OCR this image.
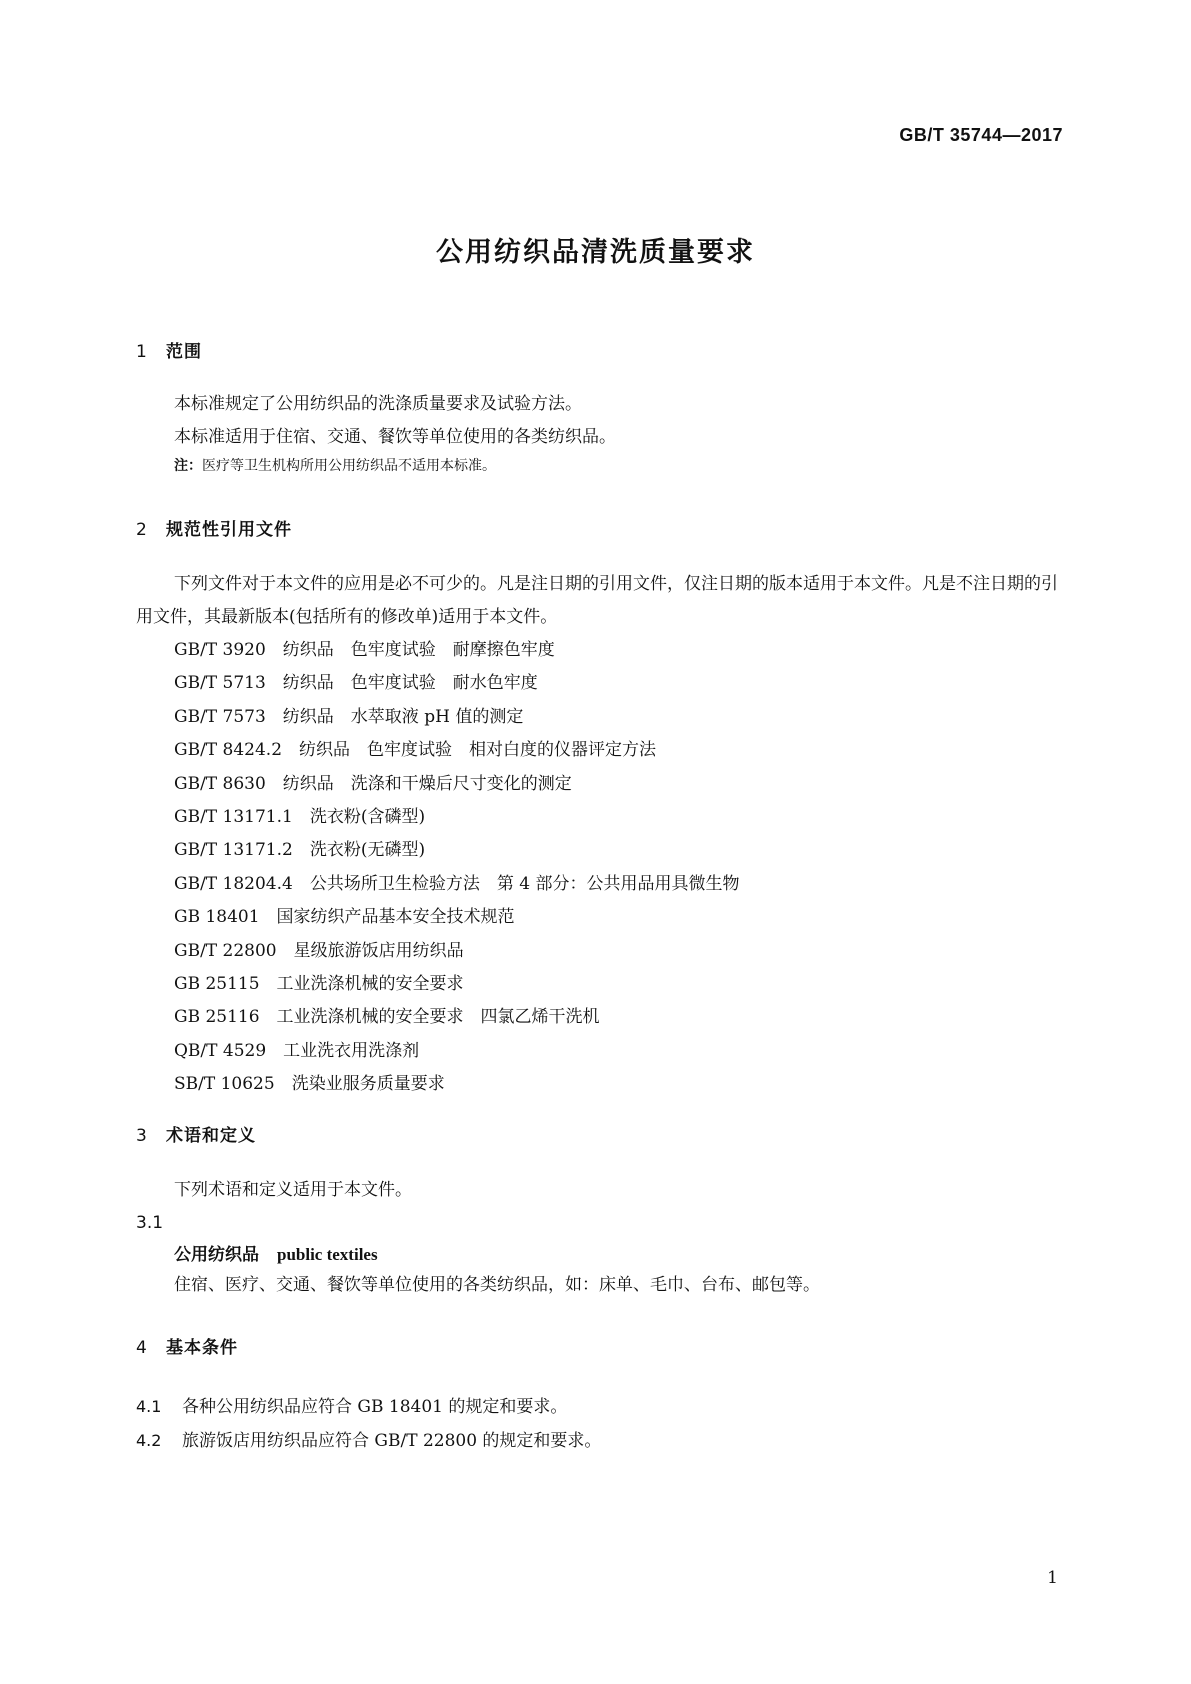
GB/T 35744—2017
公用纺织品清洗质量要求
1 范围

本标准规定了公用纺织品的洗涤质量要求及试验方法。

本标准适用于住宿、交通、餐饮等单位使用的各类纺织品。

注：医疗等卫生机构所用公用纺织品不适用本标准。

2 规范性引用文件

下列文件对于本文件的应用是必不可少的。凡是注日期的引用文件，仅注日期的版本适用于本文件。凡是不注日期的引用文件，其最新版本(包括所有的修改单)适用于本文件。

GB/T 3920　纺织品　色牢度试验　耐摩擦色牢度
GB/T 5713　纺织品　色牢度试验　耐水色牢度
GB/T 7573　纺织品　水萃取液 pH 值的测定
GB/T 8424.2　纺织品　色牢度试验　相对白度的仪器评定方法
GB/T 8630　纺织品　洗涤和干燥后尺寸变化的测定
GB/T 13171.1　洗衣粉(含磷型)
GB/T 13171.2　洗衣粉(无磷型)
GB/T 18204.4　公共场所卫生检验方法　第 4 部分：公共用品用具微生物
GB 18401　国家纺织产品基本安全技术规范
GB/T 22800　星级旅游饭店用纺织品
GB 25115　工业洗涤机械的安全要求
GB 25116　工业洗涤机械的安全要求　四氯乙烯干洗机
QB/T 4529　工业洗衣用洗涤剂
SB/T 10625　洗染业服务质量要求
3 术语和定义

下列术语和定义适用于本文件。

3.1

公用纺织品 public textiles

住宿、医疗、交通、餐饮等单位使用的各类纺织品，如：床单、毛巾、台布、邮包等。

4 基本条件

4.1 各种公用纺织品应符合 GB 18401 的规定和要求。

4.2 旅游饭店用纺织品应符合 GB/T 22800 的规定和要求。

1
